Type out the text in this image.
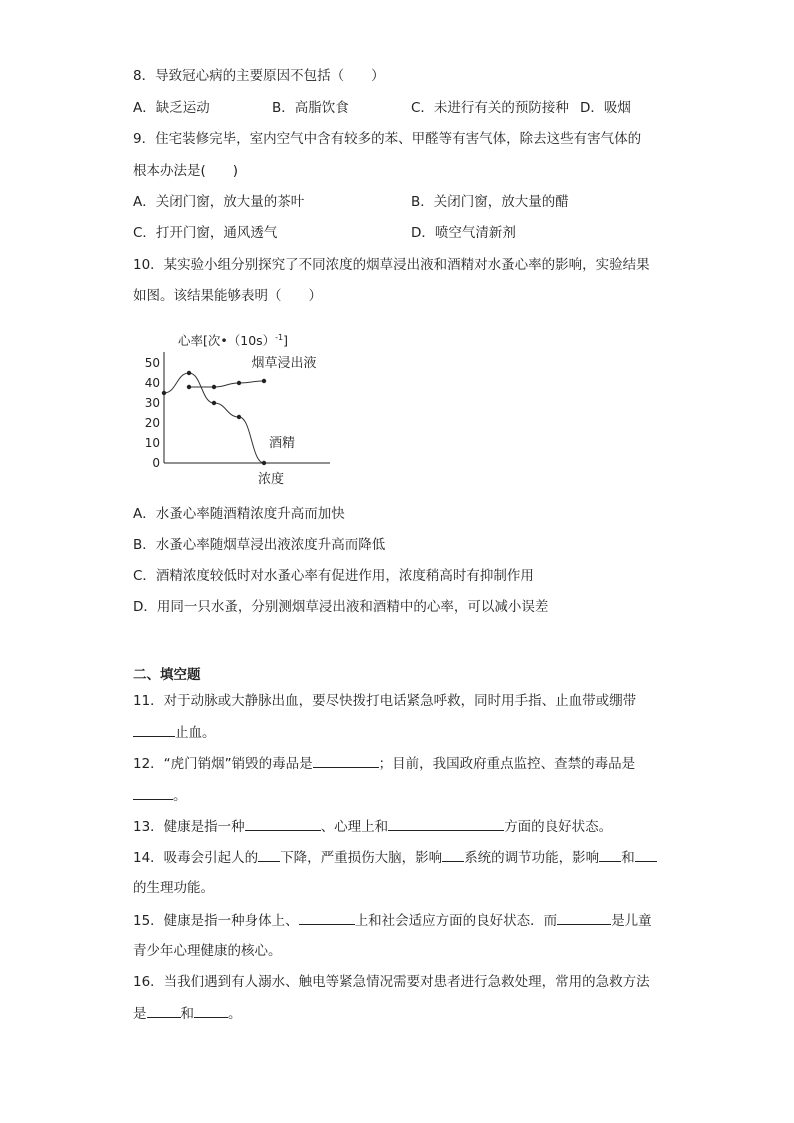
8．导致冠心病的主要原因不包括（　　）
A．缺乏运动	B．高脂饮食	C．未进行有关的预防接种 D．吸烟
9．住宅装修完毕，室内空气中含有较多的苯、甲醛等有害气体，除去这些有害气体的
根本办法是(　　)
A．关闭门窗，放大量的茶叶	B．关闭门窗，放大量的醋
C．打开门窗，通风透气	D．喷空气清新剂
10．某实验小组分别探究了不同浓度的烟草浸出液和酒精对水蚤心率的影响，实验结果
如图。该结果能够表明（　　）
50
40
30
20
10
0
心率[次$•(10s)^{-1}$]
浓度
烟草浸出液
酒精
A．水蚤心率随酒精浓度升高而加快
B．水蚤心率随烟草浸出液浓度升高而降低
C．酒精浓度较低时对水蚤心率有促进作用，浓度稍高时有抑制作用
D．用同一只水蚤，分别测烟草浸出液和酒精中的心率，可以减小误差
二、填空题
11．对于动脉或大静脉出血，要尽快拨打电话紧急呼救，同时用手指、止血带或绷带
止血。
12．“虎门销烟”销毁的毒品是	；目前，我国政府重点监控、查禁的毒品是
。
13．健康是指一种	、心理上和	方面的良好状态。
14．吸毒会引起人的 下降，严重损伤大脑，影响 系统的调节功能，影响 和
的生理功能。
15．健康是指一种身体上、	上和社会适应方面的良好状态．而	是儿童
青少年心理健康的核心。
16．当我们遇到有人溺水、触电等紧急情况需要对患者进行急救处理，常用的急救方法
是	和	。
